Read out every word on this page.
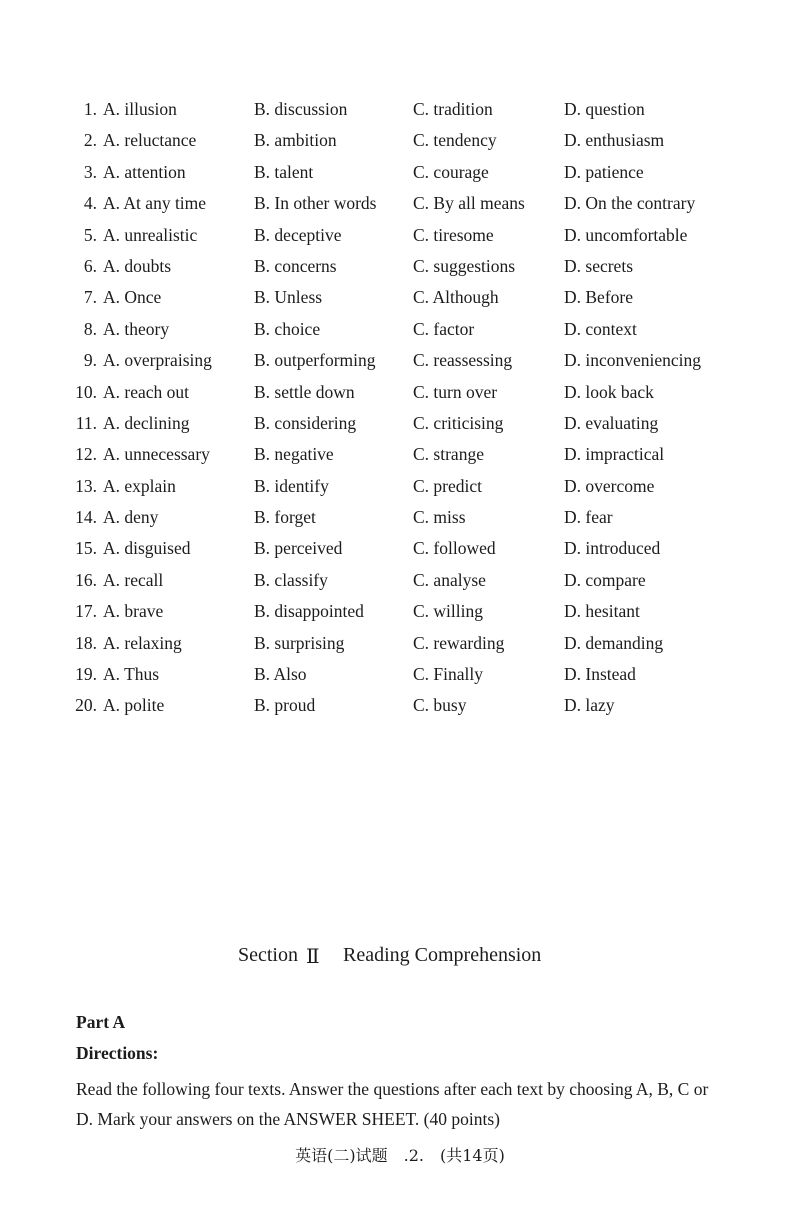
1. A. illusion	B. discussion	C. tradition	D. question
2. A. reluctance	B. ambition	C. tendency	D. enthusiasm
3. A. attention	B. talent	C. courage	D. patience
4. A. At any time	B. In other words C. By all means D. On the contrary
5. A. unrealistic	B. deceptive	C. tiresome	D. uncomfortable
6. A. doubts	B. concerns	C. suggestions	D. secrets
7. A. Once	B. Unless	C. Although	D. Before
8. A. theory	B. choice	C. factor	D. context
9. A. overpraising B. outperforming C. reassessing	D. inconveniencing
10. A. reach out	B. settle down	C. turn over	D. look back
11. A. declining	B. considering	C. criticising	D. evaluating
12. A. unnecessary	B. negative	C. strange	D. impractical
13. A. explain	B. identify	C. predict	D. overcome
14. A. deny	B. forget	C. miss	D. fear
15. A. disguised	B. perceived	C. followed	D. introduced
16. A. recall	B. classify	C. analyse	D. compare
17. A. brave	B. disappointed	C. willing	D. hesitant
18. A. relaxing	B. surprising	C. rewarding	D. demanding
19. A. Thus	B. Also	C. Finally	D. Instead
20. A. polite	B. proud	C. busy	D. lazy
Section Ⅱ Reading Comprehension
Part A
Directions:
Read the following four texts. Answer the questions after each text by choosing A, B, C or D. Mark your answers on the ANSWER SHEET. (40 points)
英语(二)试题　.2.　(共14页)
